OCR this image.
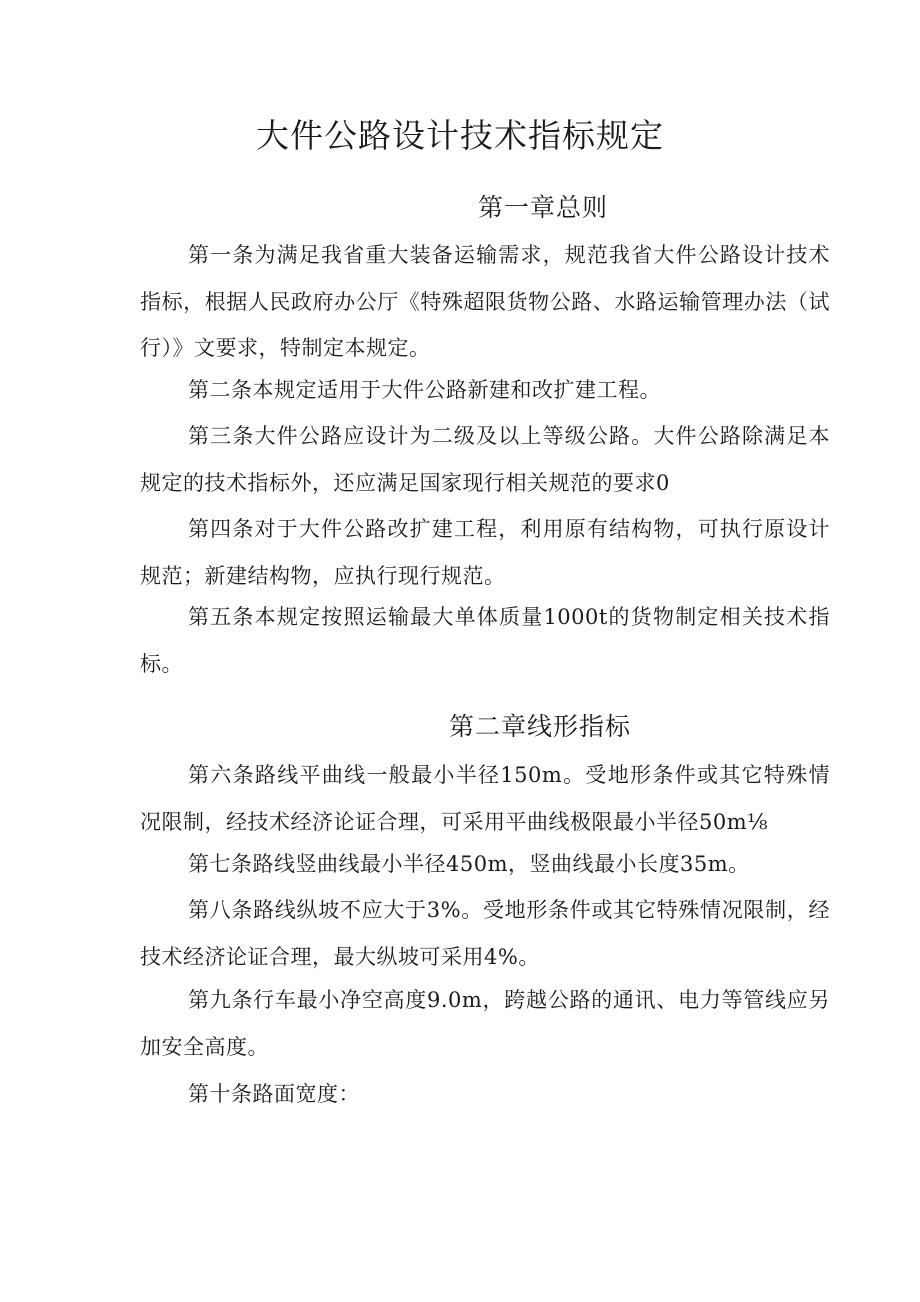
大件公路设计技术指标规定
第一章总则

第一条为满足我省重大装备运输需求，规范我省大件公路设计技术指标，根据人民政府办公厅《特殊超限货物公路、水路运输管理办法（试行）》文要求，特制定本规定。

第二条本规定适用于大件公路新建和改扩建工程。

第三条大件公路应设计为二级及以上等级公路。大件公路除满足本规定的技术指标外，还应满足国家现行相关规范的要求0

第四条对于大件公路改扩建工程，利用原有结构物，可执行原设计规范；新建结构物，应执行现行规范。

第五条本规定按照运输最大单体质量1000t的货物制定相关技术指标。

第二章线形指标

第六条路线平曲线一般最小半径150m。受地形条件或其它特殊情况限制，经技术经济论证合理，可采用平曲线极限最小半径50m⅛

第七条路线竖曲线最小半径450m，竖曲线最小长度35m。

第八条路线纵坡不应大于3%。受地形条件或其它特殊情况限制，经技术经济论证合理，最大纵坡可采用4%。

第九条行车最小净空高度9.0m，跨越公路的通讯、电力等管线应另加安全高度。

第十条路面宽度：
